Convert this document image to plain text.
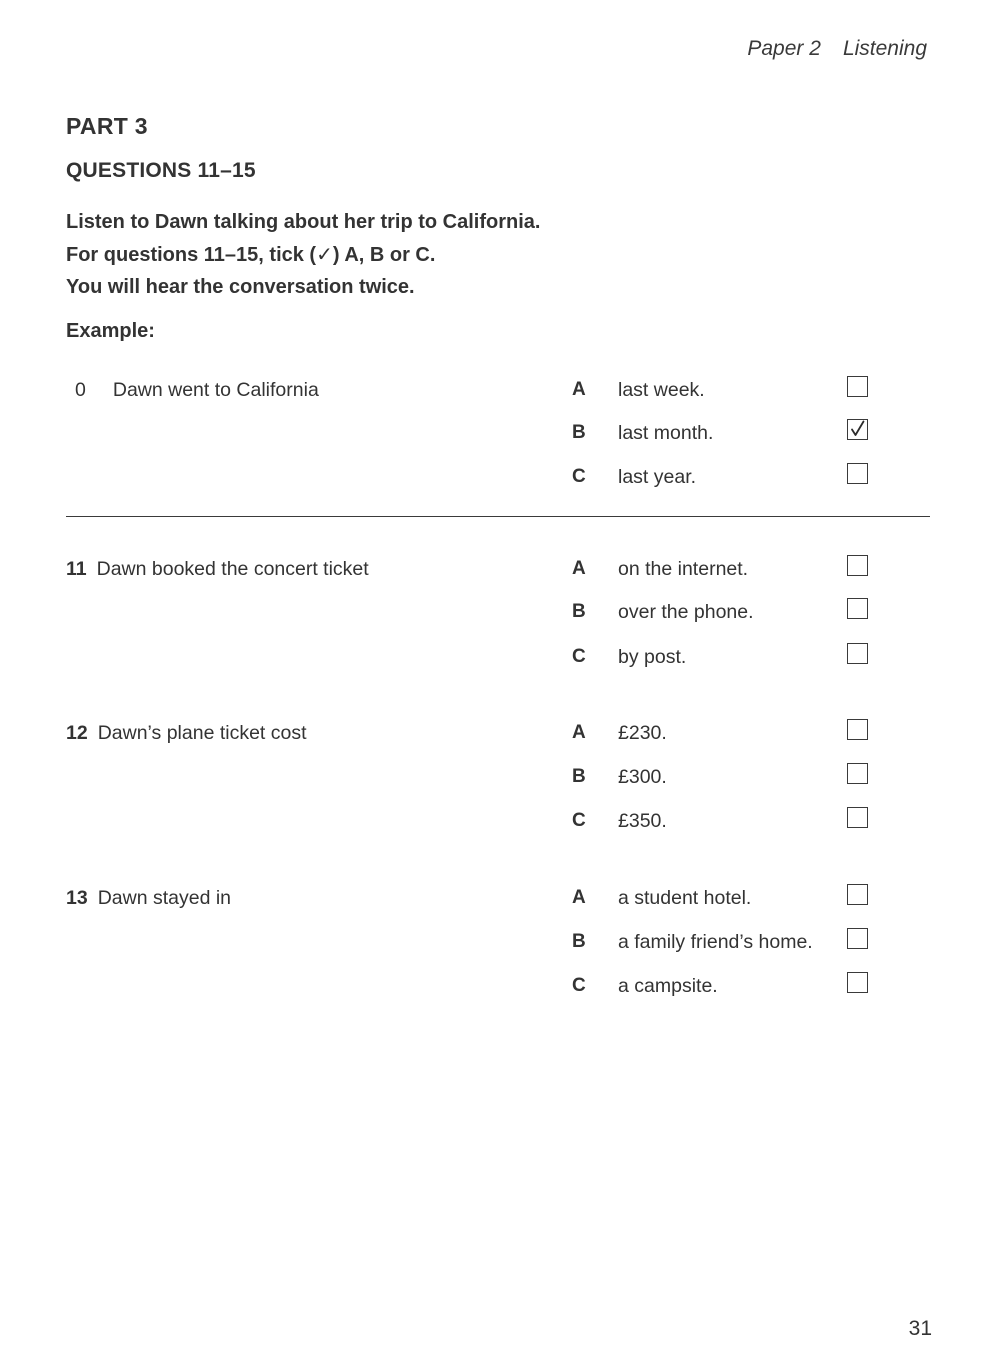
Paper 2 Listening
PART 3
QUESTIONS 11–15
Listen to Dawn talking about her trip to California.
For questions 11–15, tick (✓) A, B or C.
You will hear the conversation twice.
Example:
0 Dawn went to California	A last week.
B last month.
C last year.
11 Dawn booked the concert ticket	A on the internet.
B over the phone.
C by post.
12 Dawn’s plane ticket cost	A £230.
B £300.
C £350.
13 Dawn stayed in	A a student hotel.
B a family friend’s home.
C a campsite.
31
